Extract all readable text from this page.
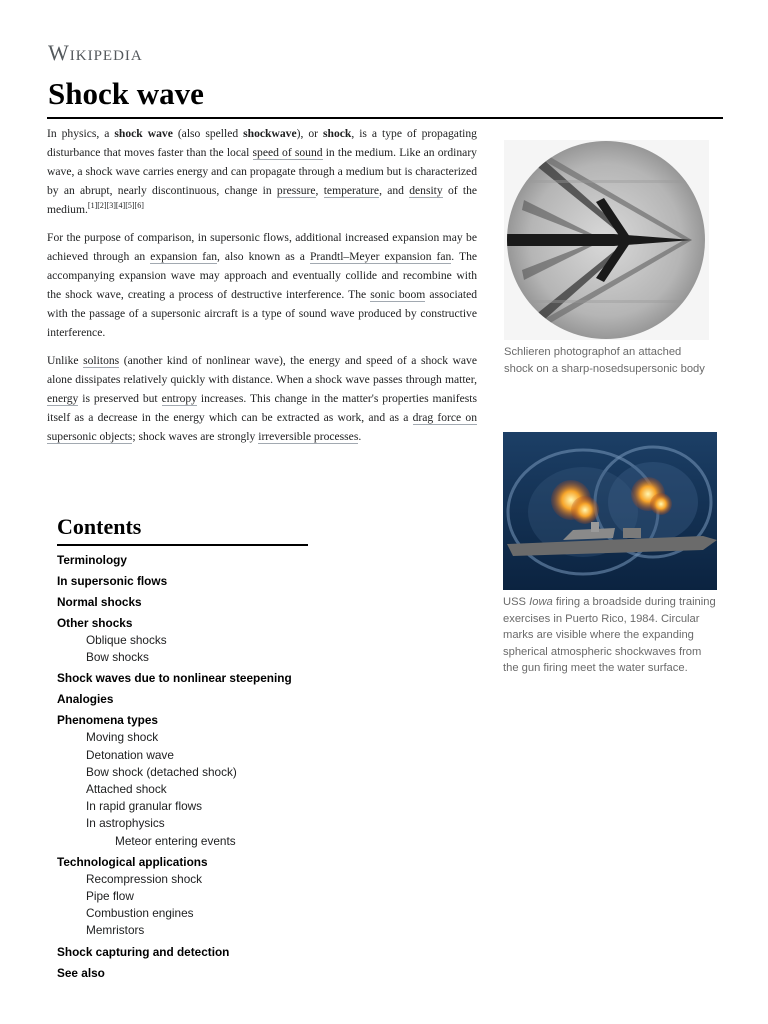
Wikipedia
Shock wave

In physics, a shock wave (also spelled shockwave), or shock, is a type of propagating disturbance that moves faster than the local speed of sound in the medium. Like an ordinary wave, a shock wave carries energy and can propagate through a medium but is characterized by an abrupt, nearly discontinuous, change in pressure, temperature, and density of the medium.[1][2][3][4][5][6]

For the purpose of comparison, in supersonic flows, additional increased expansion may be achieved through an expansion fan, also known as a Prandtl–Meyer expansion fan. The accompanying expansion wave may approach and eventually collide and recombine with the shock wave, creating a process of destructive interference. The sonic boom associated with the passage of a supersonic aircraft is a type of sound wave produced by constructive interference.

Unlike solitons (another kind of nonlinear wave), the energy and speed of a shock wave alone dissipates relatively quickly with distance. When a shock wave passes through matter, energy is preserved but entropy increases. This change in the matter's properties manifests itself as a decrease in the energy which can be extracted as work, and as a drag force on supersonic objects; shock waves are strongly irreversible processes.

Schlieren photographof an attached shock on a sharp-nosedsupersonic body
USS Iowa firing a broadside during training exercises in Puerto Rico, 1984. Circular marks are visible where the expanding spherical atmospheric shockwaves from the gun firing meet the water surface.
Contents
Terminology
In supersonic flows
Normal shocks
Other shocks
Oblique shocks
Bow shocks
Shock waves due to nonlinear steepening
Analogies
Phenomena types
Moving shock
Detonation wave
Bow shock (detached shock)
Attached shock
In rapid granular flows
In astrophysics
Meteor entering events
Technological applications
Recompression shock
Pipe flow
Combustion engines
Memristors
Shock capturing and detection
See also
